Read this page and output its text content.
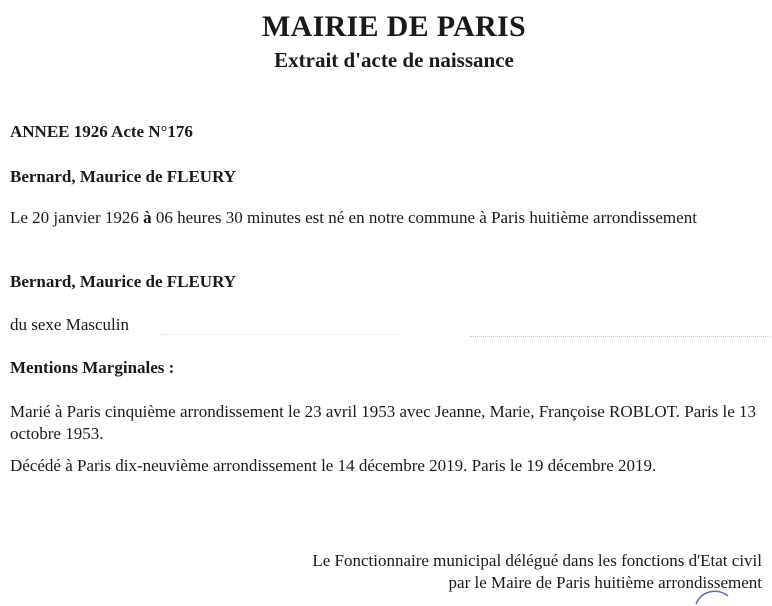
MAIRIE DE PARIS
Extrait d'acte de naissance
ANNEE 1926 Acte N°176
Bernard, Maurice de FLEURY
Le 20 janvier 1926 à 06 heures 30 minutes est né en notre commune à Paris huitième arrondissement
Bernard, Maurice de FLEURY
du sexe Masculin
Mentions Marginales :
Marié à Paris cinquième arrondissement le 23 avril 1953 avec Jeanne, Marie, Françoise ROBLOT. Paris le 13 octobre 1953.
Décédé à Paris dix-neuvième arrondissement le 14 décembre 2019. Paris le 19 décembre 2019.
Le Fonctionnaire municipal délégué dans les fonctions d'Etat civil
par le Maire de Paris huitième arrondissement
